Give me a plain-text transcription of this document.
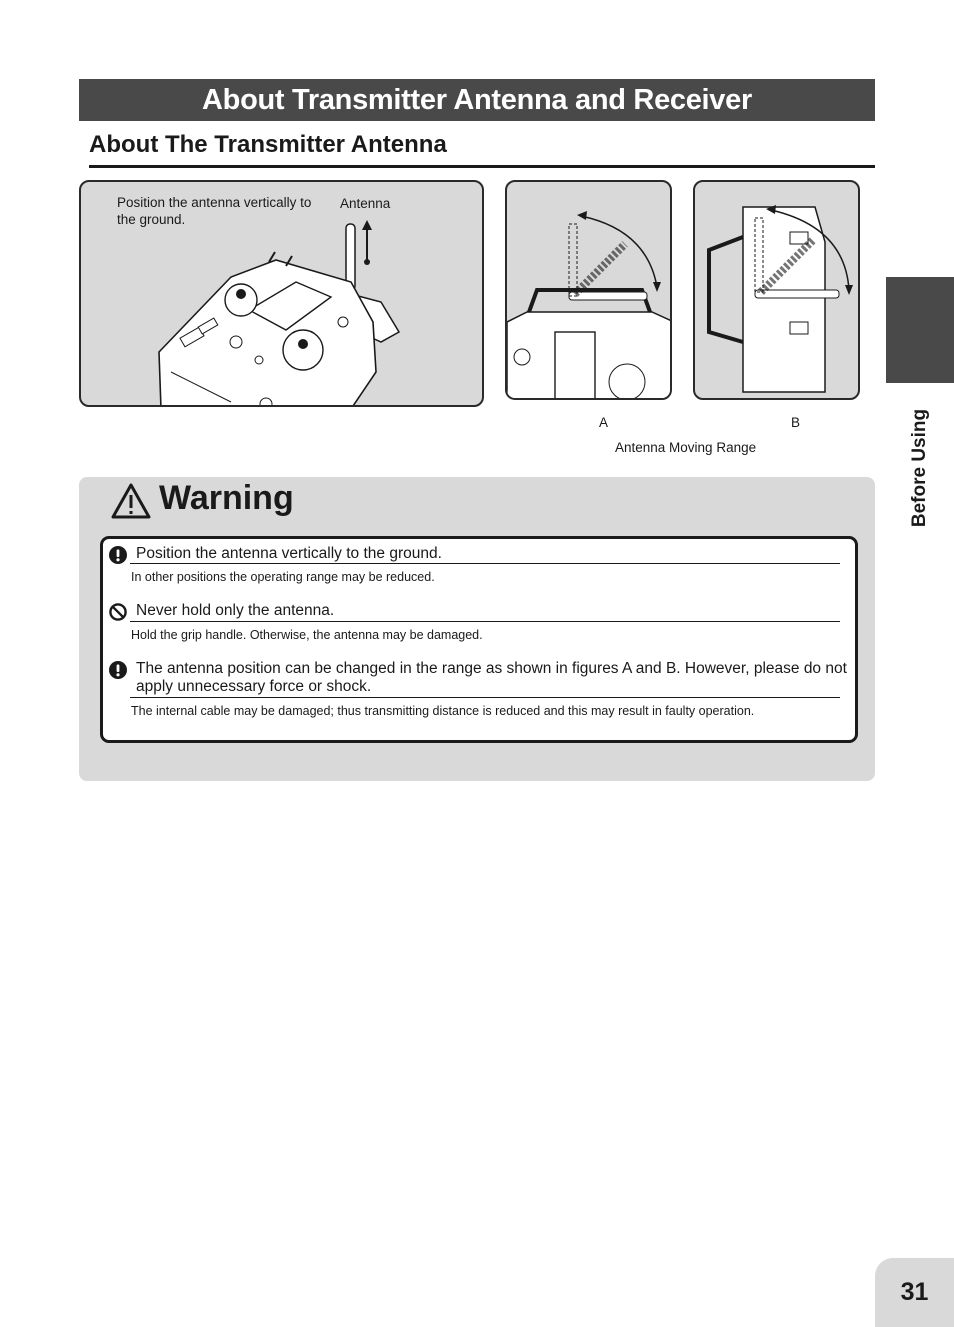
About Transmitter Antenna and Receiver
About The Transmitter Antenna
Position the antenna vertically to the ground.
Antenna
A	B
Antenna Moving Range	Before Using
Warning
Position the antenna vertically to the ground.
In other positions the operating range may be reduced.
Never hold only the antenna.
Hold the grip handle. Otherwise, the antenna may be damaged.
The antenna position can be changed in the range as shown in figures A and B. However, please do not apply unnecessary force or shock.
The internal cable may be damaged; thus transmitting distance is reduced and this may result in faulty operation.
31
